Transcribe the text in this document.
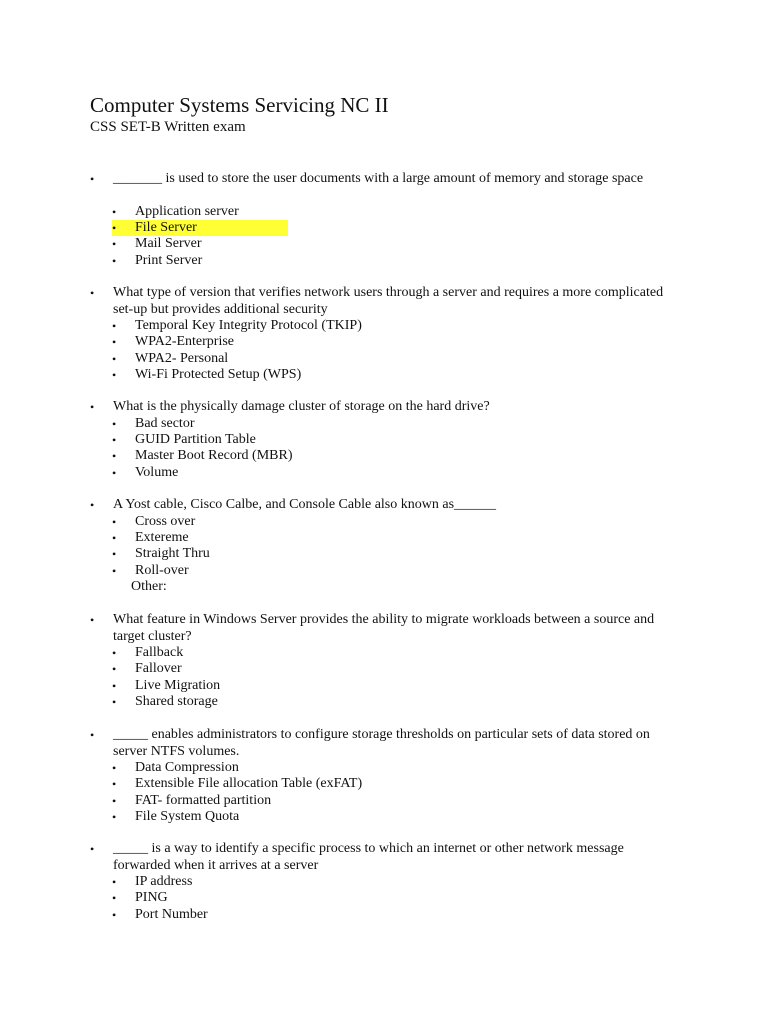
Computer Systems Servicing NC II
CSS SET-B Written exam
• _______ is used to store the user documents with a large amount of memory and storage space
• Application server
• File Server
• Mail Server
• Print Server
• What type of version that verifies network users through a server and requires a more complicated set-up but provides additional security
• Temporal Key Integrity Protocol (TKIP)
• WPA2-Enterprise
• WPA2- Personal
• Wi-Fi Protected Setup (WPS)
• What is the physically damage cluster of storage on the hard drive?
• Bad sector
• GUID Partition Table
• Master Boot Record (MBR)
• Volume
• A Yost cable, Cisco Calbe, and Console Cable also known as______
• Cross over
• Extereme
• Straight Thru
• Roll-over
Other:
• What feature in Windows Server provides the ability to migrate workloads between a source and target cluster?
• Fallback
• Fallover
• Live Migration
• Shared storage
• _____ enables administrators to configure storage thresholds on particular sets of data stored on server NTFS volumes.
• Data Compression
• Extensible File allocation Table (exFAT)
• FAT- formatted partition
• File System Quota
• _____ is a way to identify a specific process to which an internet or other network message forwarded when it arrives at a server
• IP address
• PING
• Port Number
